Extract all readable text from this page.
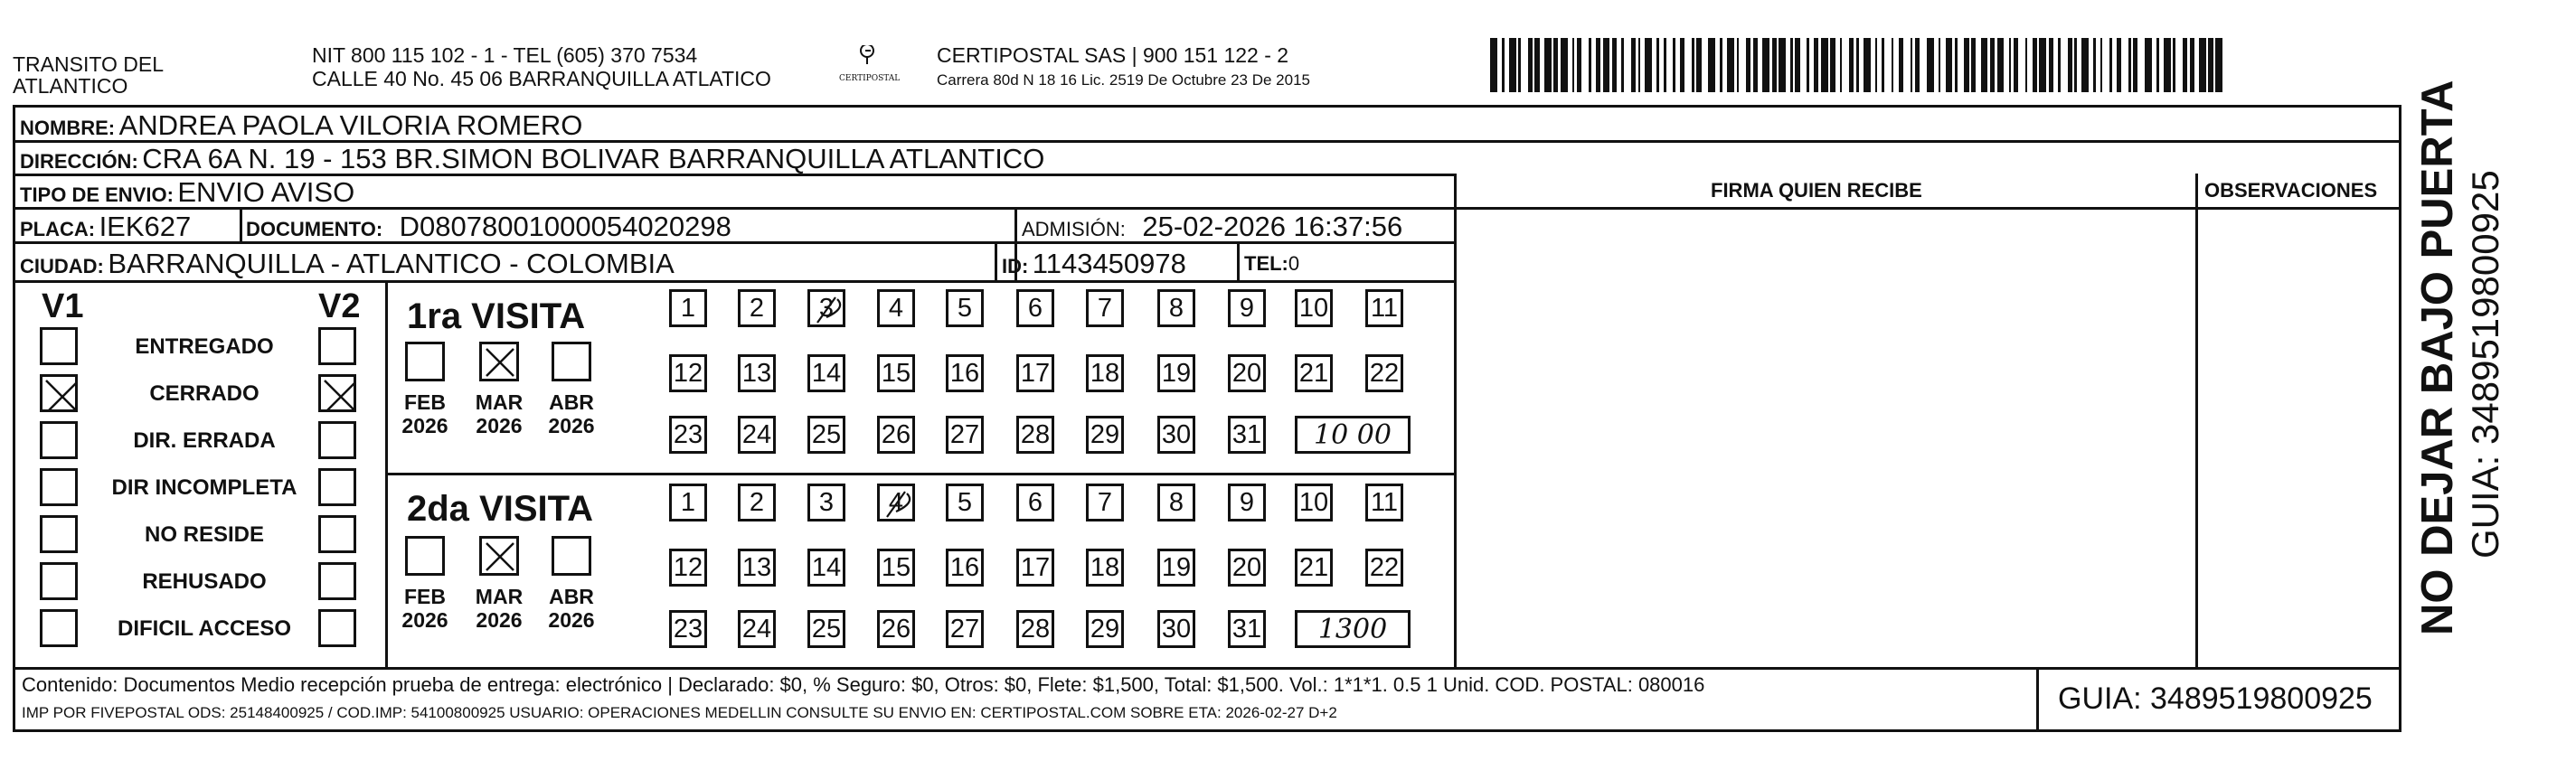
TRANSITO DEL
ATLANTICO
NIT 800 115 102 - 1 - TEL (605) 370 7534
CALLE 40 No. 45 06 BARRANQUILLA ATLATICO	CERTIPOSTAL
CERTIPOSTAL SAS | 900 151 122 - 2
Carrera 80d N 18 16 Lic. 2519 De Octubre 23 De 2015
NOMBRE: ANDREA PAOLA VILORIA ROMERO
DIRECCIÓN: CRA 6A N. 19 - 153 BR.SIMON BOLIVAR BARRANQUILLA ATLANTICO
TIPO DE ENVIO: ENVIO AVISO	FIRMA QUIEN RECIBE	OBSERVACIONES
PLACA: IEK627	DOCUMENTO: D08078001000054020298	ADMISIÓN: 25-02-2026 16:37:56
CIUDAD: BARRANQUILLA - ATLANTICO - COLOMBIA	ID: 1143450978	TEL:0
V1	V2
ENTREGADO
CERRADO
DIR. ERRADA
DIR INCOMPLETA
NO RESIDE
REHUSADO
DIFICIL ACCESO
1ra VISITA
2da VISITA
FEB
2026
MAR
2026
ABR
2026
1 2 3 4 5 6 7 8 9 10 11
12 13 14 15 16 17 18 19 20 21 22
23 24 25 26 27 28 29 30 31	10 00
FEB
2026
MAR
2026
ABR
2026
1 2 3 4 5 6 7 8 9 10 11
12 13 14 15 16 17 18 19 20 21 22
23 24 25 26 27 28 29 30 31	1300
Contenido: Documentos Medio recepción prueba de entrega: electrónico | Declarado: $0, % Seguro: $0, Otros: $0, Flete: $1,500, Total: $1,500. Vol.: 1*1*1. 0.5 1 Unid. COD. POSTAL: 080016
IMP POR FIVEPOSTAL ODS: 25148400925 / COD.IMP: 54100800925 USUARIO: OPERACIONES MEDELLIN CONSULTE SU ENVIO EN: CERTIPOSTAL.COM SOBRE ETA: 2026-02-27 D+2	GUIA: 3489519800925
NO DEJAR BAJO PUERTA GUIA: 3489519800925
